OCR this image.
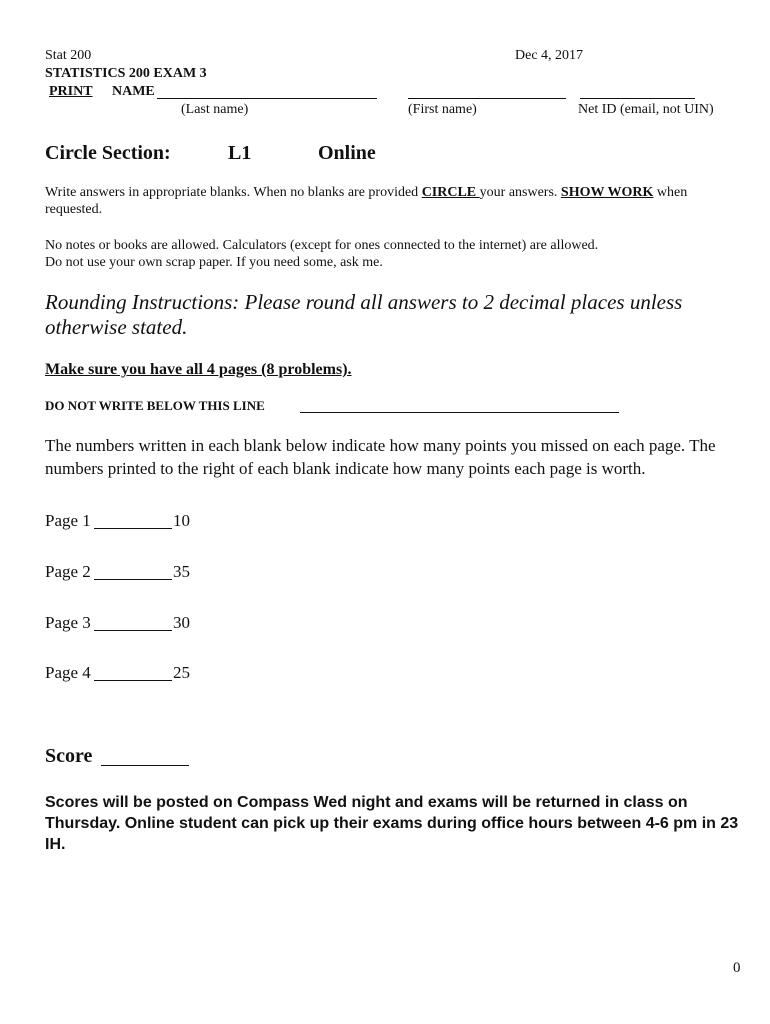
Stat 200	Dec 4, 2017
STATISTICS 200 EXAM 3
PRINT NAME
(Last name)	(First name)	Net ID (email, not UIN)
Circle Section:	L1	Online
Write answers in appropriate blanks. When no blanks are provided CIRCLE your answers. SHOW WORK when requested.
No notes or books are allowed. Calculators (except for ones connected to the internet) are allowed.
Do not use your own scrap paper. If you need some, ask me.
Rounding Instructions: Please round all answers to 2 decimal places unless otherwise stated.
Make sure you have all 4 pages (8 problems).
DO NOT WRITE BELOW THIS LINE
The numbers written in each blank below indicate how many points you missed on each page. The numbers printed to the right of each blank indicate how many points each page is worth.
Page 1	10
Page 2	35
Page 3	30
Page 4	25
Score
Scores will be posted on Compass Wed night and exams will be returned in class on Thursday. Online student can pick up their exams during office hours between 4-6 pm in 23 IH.
0
